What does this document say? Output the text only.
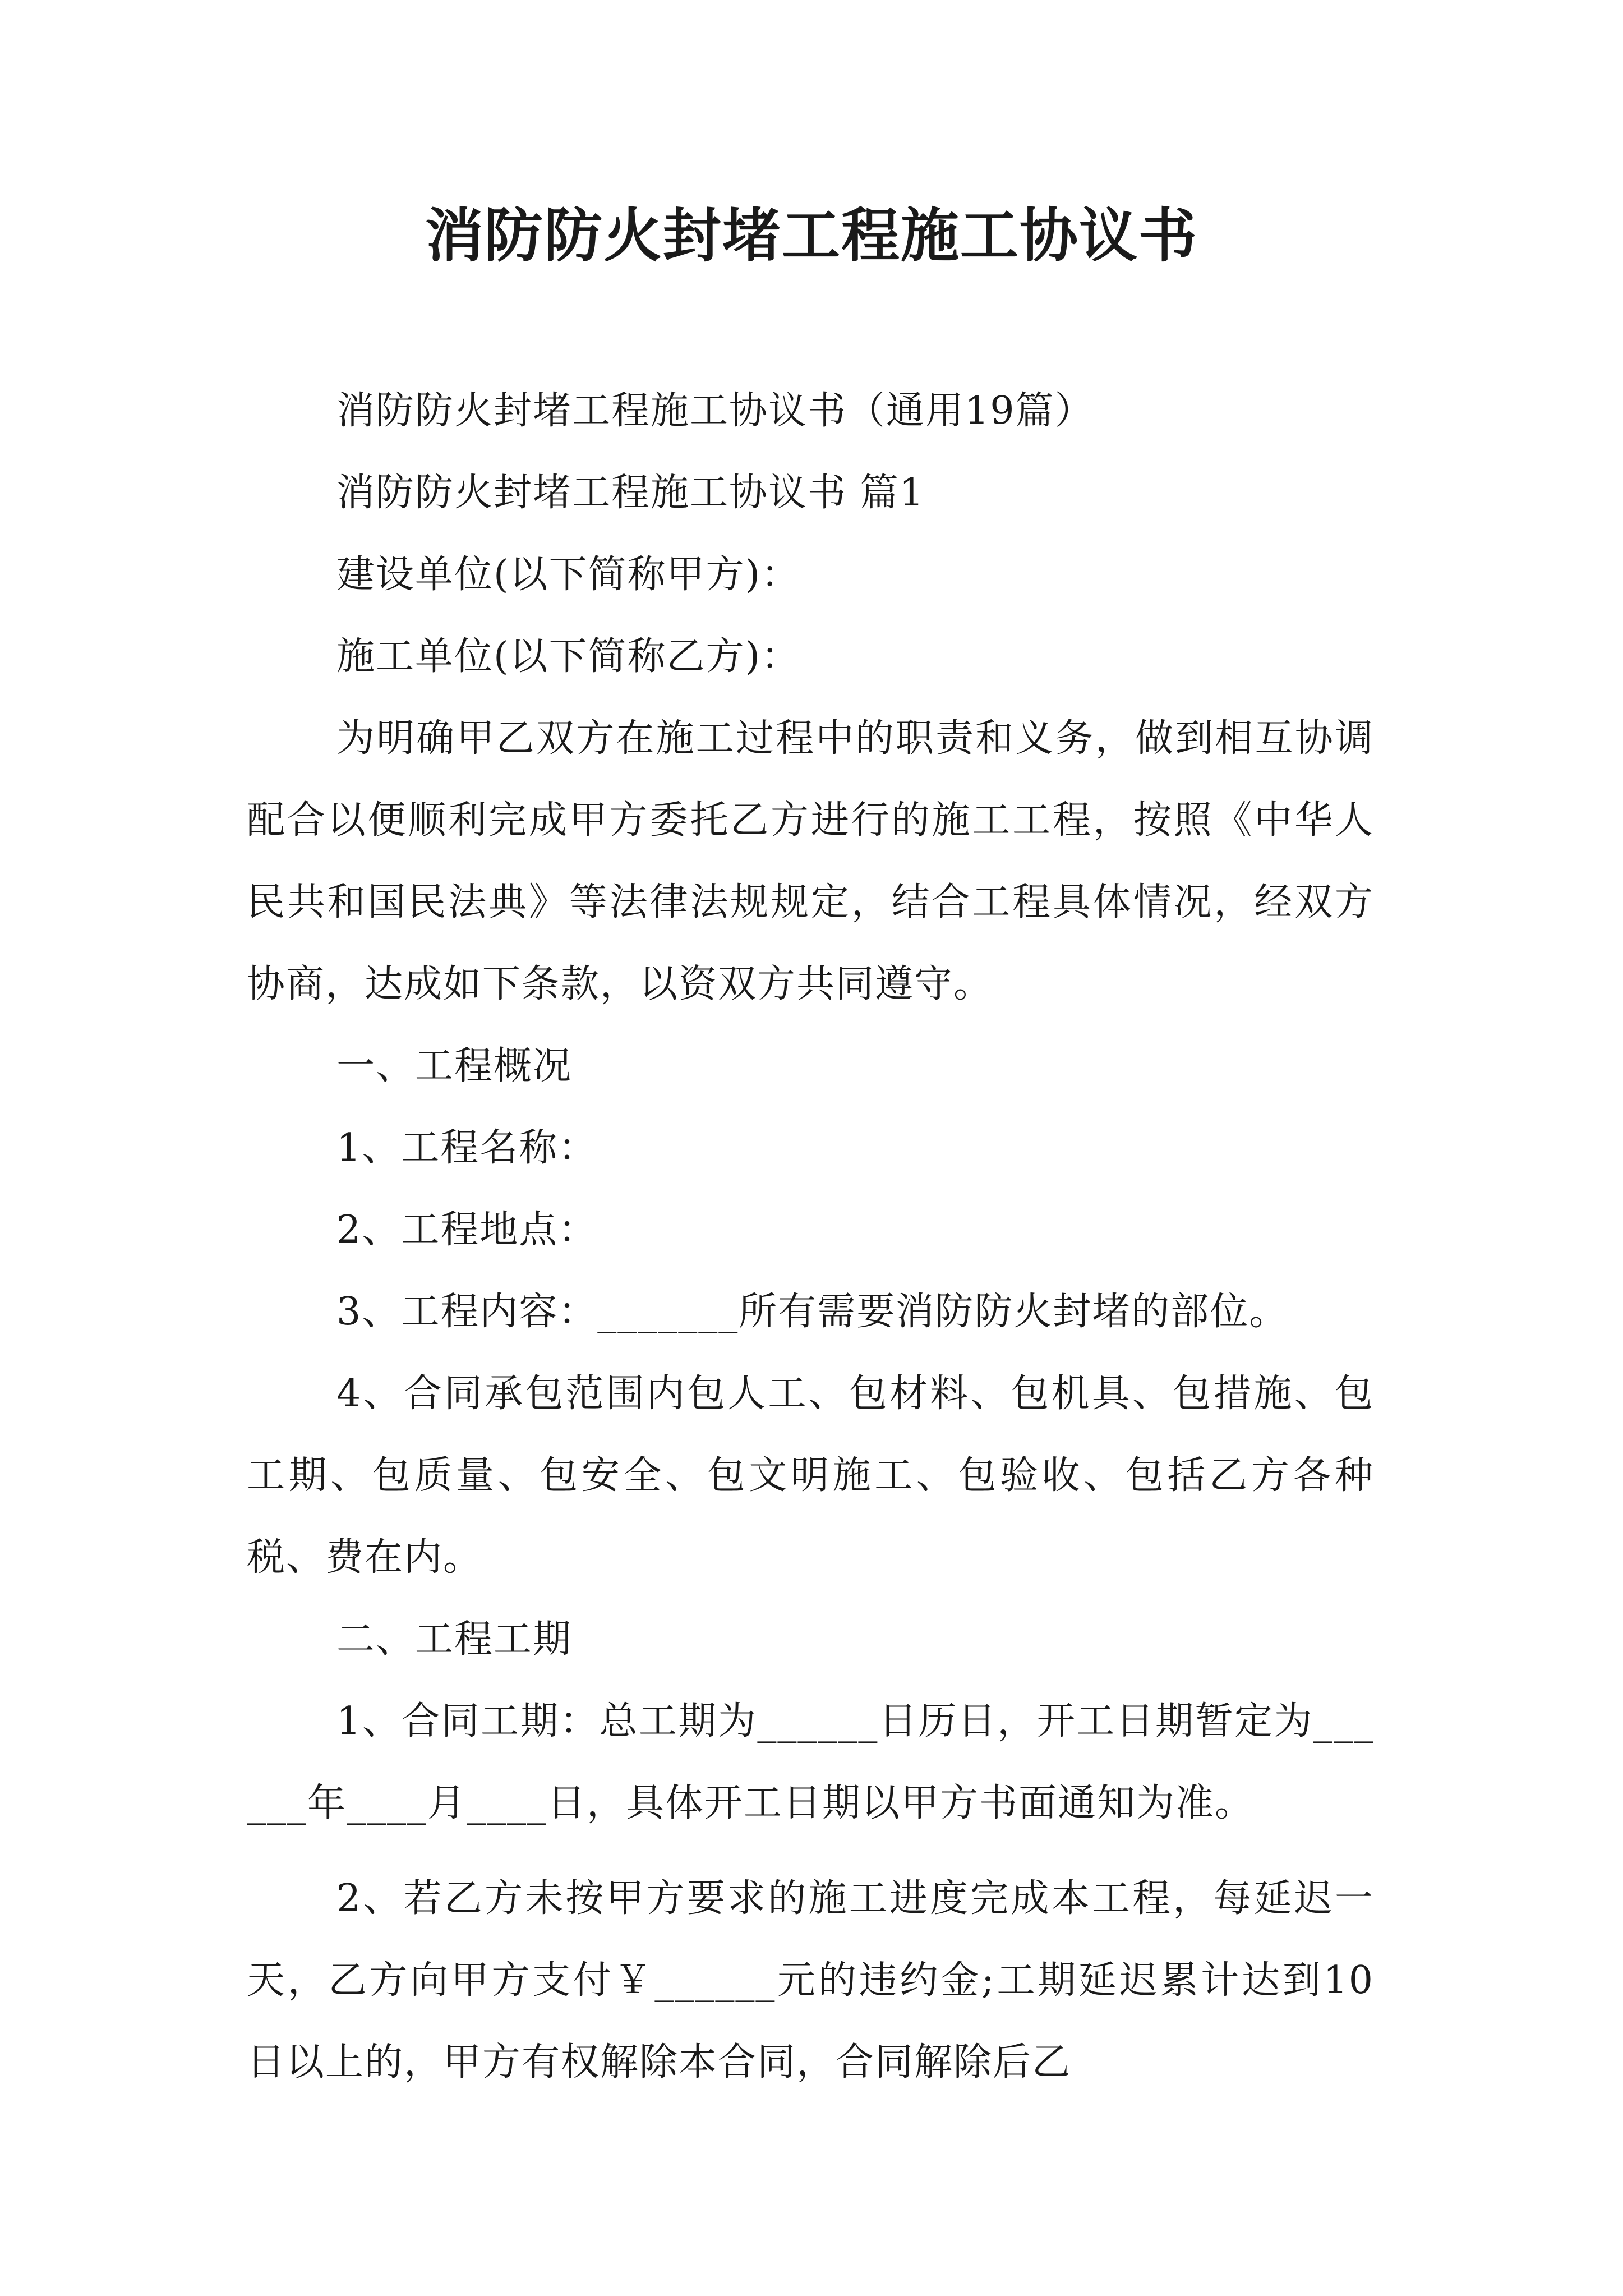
消防防火封堵工程施工协议书

消防防火封堵工程施工协议书（通用19篇）

消防防火封堵工程施工协议书 篇1

建设单位(以下简称甲方)：

施工单位(以下简称乙方)：

为明确甲乙双方在施工过程中的职责和义务，做到相互协调配合以便顺利完成甲方委托乙方进行的施工工程，按照《中华人民共和国民法典》等法律法规规定，结合工程具体情况，经双方协商，达成如下条款，以资双方共同遵守。

一、工程概况

1、工程名称：

2、工程地点：

3、工程内容：_______所有需要消防防火封堵的部位。

4、合同承包范围内包人工、包材料、包机具、包措施、包工期、包质量、包安全、包文明施工、包验收、包括乙方各种税、费在内。

二、工程工期

1、合同工期：总工期为______日历日，开工日期暂定为______年____月____日，具体开工日期以甲方书面通知为准。

2、若乙方未按甲方要求的施工进度完成本工程，每延迟一天，乙方向甲方支付￥______元的违约金;工期延迟累计达到10日以上的，甲方有权解除本合同，合同解除后乙
